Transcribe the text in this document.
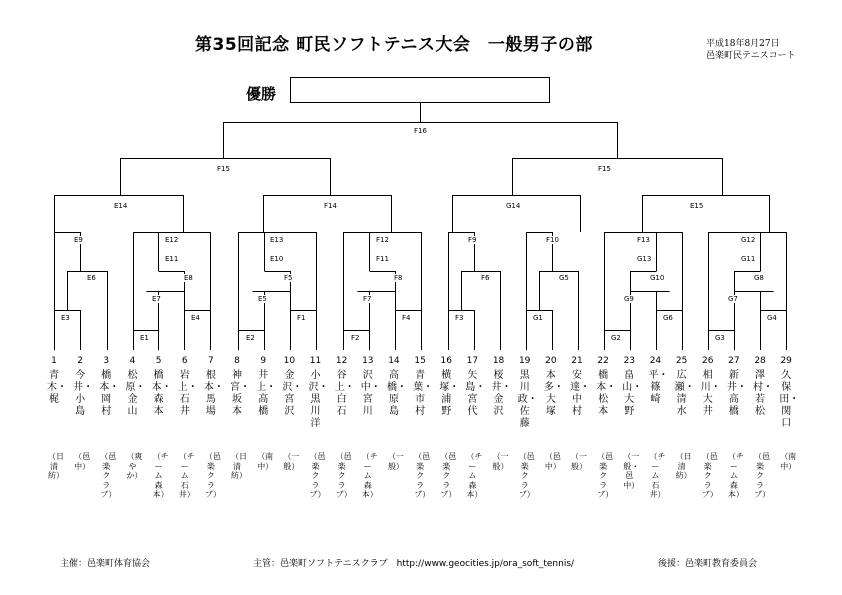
第35回記念 町民ソフトテニス大会　一般男子の部	平成18年8月27日
邑楽町民テニスコート
優勝
F16
F15	F15
E14	F14	G14	E15
E9	E12
E11
E6	E8
E7
E3
E1
E4
E13
E10
F5
E5
E2
F1
F12
F11
F8
F7
F2
F4
F9
F6
F3
F10
G5
G1
F13
G13
G10
G9
G2
G6
G12
G11
G8
G7
G3
G4
1
青木・梶
（日清紡）
2
今井・小島
（邑中）
3
橋本・岡村
（邑楽クラブ）
4
松原・金山
（爽やか）
5
橋本・森本
（チーム森本）
6
岩上・石井
（チーム石井）
7
根本・馬場
（邑楽クラブ）
8
神宮・坂本
（日清紡）
9
井上・高橋
（南中）
10
金沢・宮沢
（一般）
11
小沢・黒川洋
（邑楽クラブ）
12
谷上・白石
（邑楽クラブ）
13
沢中・宮川
（チーム森本）
14
高橋・原島
（一般）
15
青葉・市村
（邑楽クラブ）
16
横塚・浦野
（邑楽クラブ）
17
矢島・宮代
（チーム森本）
18
桜井・金沢
（一般）
19
黒川政・佐藤
（邑楽クラブ）
20
本多・大塚
（邑中）
21
安達・中村
（一般）
22
橋本・松本
（邑楽クラブ）
23
畠山・大野
（一般・邑中）
24
平・篠崎
（チーム石井）
25
広瀬・清水
（日清紡）
26
相川・大井
（邑楽クラブ）
27
新井・高橋
（チーム森本）
28
澤村・若松
（邑楽クラブ）
29
久保田・関口
（南中）
主催：邑楽町体育協会	主管：邑楽町ソフトテニスクラブ　http://www.geocities.jp/ora_soft_tennis/	後援：邑楽町教育委員会
